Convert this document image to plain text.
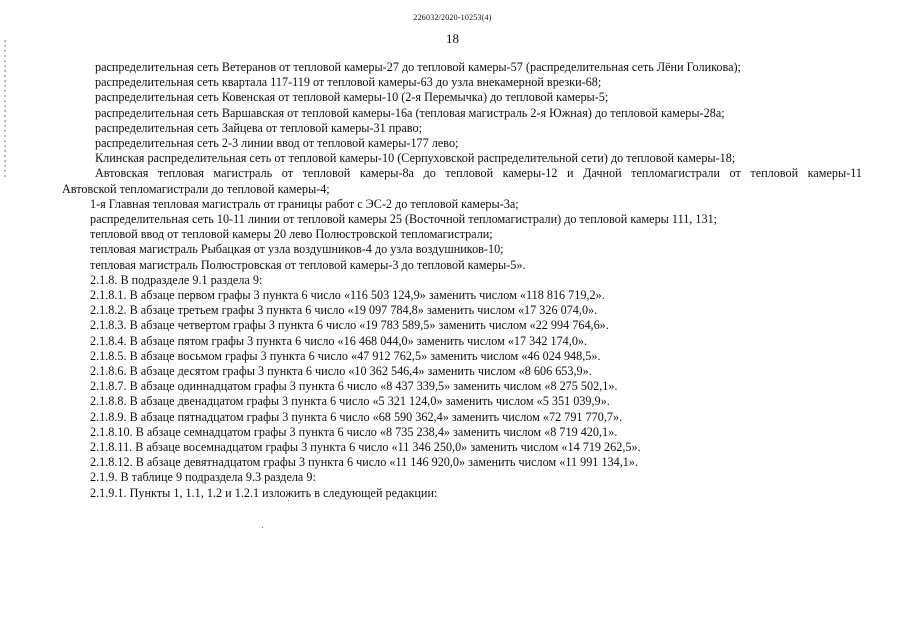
226032/2020-10253(4)
18
распределительная сеть Ветеранов от тепловой камеры-27 до тепловой камеры-57 (распределительная сеть Лёни Голикова);
распределительная сеть квартала 117-119 от тепловой камеры-63 до узла внекамерной врезки-68;
распределительная сеть Ковенская от тепловой камеры-10 (2-я Перемычка) до тепловой камеры-5;
распределительная сеть Варшавская от тепловой камеры-16а (тепловая магистраль 2-я Южная) до тепловой камеры-28а;
распределительная сеть Зайцева от тепловой камеры-31 право;
распределительная сеть 2-3 линии ввод от тепловой камеры-177 лево;
Клинская распределительная сеть от тепловой камеры-10 (Серпуховской распределительной сети) до тепловой камеры-18;
Автовская тепловая магистраль от тепловой камеры-8а до тепловой камеры-12 и Дачной тепломагистрали от тепловой камеры-11
Автовской тепломагистрали до тепловой камеры-4;
1-я Главная тепловая магистраль от границы работ с ЭС-2 до тепловой камеры-3а;
распределительная сеть 10-11 линии от тепловой камеры 25 (Восточной тепломагистрали) до тепловой камеры 111, 131;
тепловой ввод от тепловой камеры 20 лево Полюстровской тепломагистрали;
тепловая магистраль Рыбацкая от узла воздушников-4 до узла воздушников-10;
тепловая магистраль Полюстровская от тепловой камеры-3 до тепловой камеры-5».
2.1.8. В подразделе 9.1 раздела 9:
2.1.8.1. В абзаце первом графы 3 пункта 6 число «116 503 124,9» заменить числом «118 816 719,2».
2.1.8.2. В абзаце третьем графы 3 пункта 6 число «19 097 784,8» заменить числом «17 326 074,0».
2.1.8.3. В абзаце четвертом графы 3 пункта 6 число «19 783 589,5» заменить числом «22 994 764,6».
2.1.8.4. В абзаце пятом графы 3 пункта 6 число «16 468 044,0» заменить числом «17 342 174,0».
2.1.8.5. В абзаце восьмом графы 3 пункта 6 число «47 912 762,5» заменить числом «46 024 948,5».
2.1.8.6. В абзаце десятом графы 3 пункта 6 число «10 362 546,4» заменить числом «8 606 653,9».
2.1.8.7. В абзаце одиннадцатом графы 3 пункта 6 число «8 437 339,5» заменить числом «8 275 502,1».
2.1.8.8. В абзаце двенадцатом графы 3 пункта 6 число «5 321 124,0» заменить числом «5 351 039,9».
2.1.8.9. В абзаце пятнадцатом графы 3 пункта 6 число «68 590 362,4» заменить числом «72 791 770,7».
2.1.8.10. В абзаце семнадцатом графы 3 пункта 6 число «8 735 238,4» заменить числом «8 719 420,1».
2.1.8.11. В абзаце восемнадцатом графы 3 пункта 6 число «11 346 250,0» заменить числом «14 719 262,5».
2.1.8.12. В абзаце девятнадцатом графы 3 пункта 6 число «11 146 920,0» заменить числом «11 991 134,1».
2.1.9. В таблице 9 подраздела 9.3 раздела 9:
2.1.9.1. Пункты 1, 1.1, 1.2 и 1.2.1 изложить в следующей редакции:
